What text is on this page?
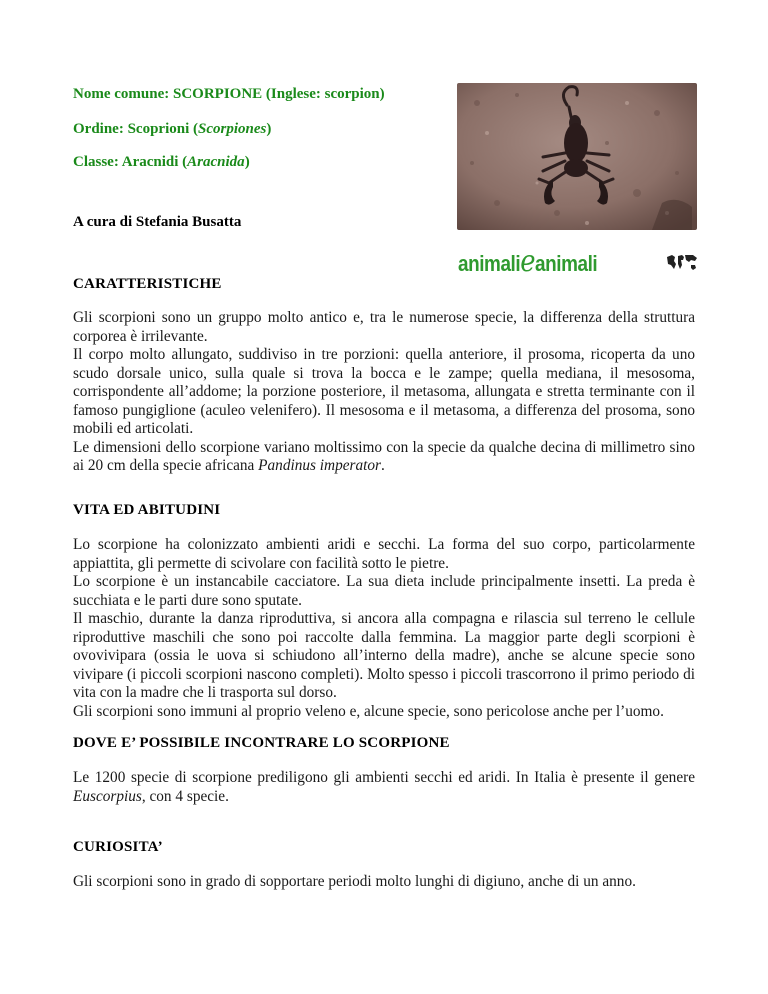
Nome comune: SCORPIONE (Inglese: scorpion)

Ordine: Scoprioni (Scorpiones)

Classe: Aracnidi (Aracnida)

A cura di Stefania Busatta

animalieanimali

CARATTERISTICHE

Gli scorpioni sono un gruppo molto antico e, tra le numerose specie, la differenza della struttura corporea è irrilevante.

Il corpo molto allungato, suddiviso in tre porzioni: quella anteriore, il prosoma, ricoperta da uno scudo dorsale unico, sulla quale si trova la bocca e le zampe; quella mediana, il mesosoma, corrispondente all’addome; la porzione posteriore, il metasoma, allungata e stretta terminante con il famoso pungiglione (aculeo velenifero). Il mesosoma e il metasoma, a differenza del prosoma, sono mobili ed articolati.

Le dimensioni dello scorpione variano moltissimo con la specie da qualche decina di millimetro sino ai 20 cm della specie africana Pandinus imperator.

VITA ED ABITUDINI

Lo scorpione ha colonizzato ambienti aridi e secchi. La forma del suo corpo, particolarmente appiattita, gli permette di scivolare con facilità sotto le pietre.

Lo scorpione è un instancabile cacciatore. La sua dieta include principalmente insetti. La preda è succhiata e le parti dure sono sputate.

Il maschio, durante la danza riproduttiva, si ancora alla compagna e rilascia sul terreno le cellule riproduttive maschili che sono poi raccolte dalla femmina. La maggior parte degli scorpioni è ovovivipara (ossia le uova si schiudono all’interno della madre), anche se alcune specie sono vivipare (i piccoli scorpioni nascono completi). Molto spesso i piccoli trascorrono il primo periodo di vita con la madre che li trasporta sul dorso.

Gli scorpioni sono immuni al proprio veleno e, alcune specie, sono pericolose anche per l’uomo.

DOVE E’ POSSIBILE INCONTRARE LO SCORPIONE

Le 1200 specie di scorpione prediligono gli ambienti secchi ed aridi. In Italia è presente il genere Euscorpius, con 4 specie.

CURIOSITA’

Gli scorpioni sono in grado di sopportare periodi molto lunghi di digiuno, anche di un anno.
